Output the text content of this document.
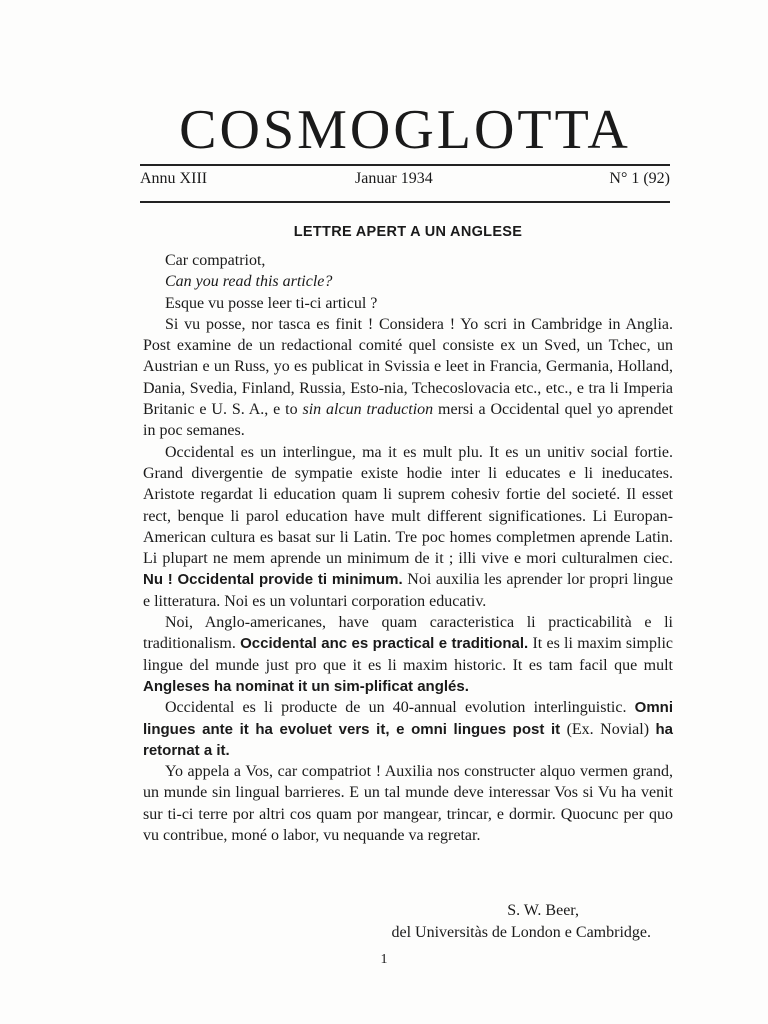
COSMOGLOTTA
Annu XIII	Januar 1934	N° 1 (92)
LETTRE APERT A UN ANGLESE

Car compatriot,

Can you read this article?

Esque vu posse leer ti-ci articul ?

Si vu posse, nor tasca es finit ! Considera ! Yo scri in Cambridge in Anglia. Post examine de un redactional comité quel consiste ex un Sved, un Tchec, un Austrian e un Russ, yo es publicat in Svissia e leet in Francia, Germania, Holland, Dania, Svedia, Finland, Russia, Esto-nia, Tchecoslovacia etc., etc., e tra li Imperia Britanic e U. S. A., e to sin alcun traduction mersi a Occidental quel yo aprendet in poc semanes.

Occidental es un interlingue, ma it es mult plu. It es un unitiv social fortie. Grand divergentie de sympatie existe hodie inter li educates e li ineducates. Aristote regardat li education quam li suprem cohesiv fortie del societé. Il esset rect, benque li parol education have mult different significationes. Li Europan-American cultura es basat sur li Latin. Tre poc homes completmen aprende Latin. Li plupart ne mem aprende un minimum de it ; illi vive e mori culturalmen ciec. Nu ! Occidental provide ti minimum. Noi auxilia les aprender lor propri lingue e litteratura. Noi es un voluntari corporation educativ.

Noi, Anglo-americanes, have quam caracteristica li practicabilità e li traditionalism. Occidental anc es practical e traditional. It es li maxim simplic lingue del munde just pro que it es li maxim historic. It es tam facil que mult Angleses ha nominat it un sim-plificat anglés.

Occidental es li producte de un 40-annual evolution interlinguistic. Omni lingues ante it ha evoluet vers it, e omni lingues post it (Ex. Novial) ha retornat a it.

Yo appela a Vos, car compatriot ! Auxilia nos constructer alquo vermen grand, un munde sin lingual barrieres. E un tal munde deve interessar Vos si Vu ha venit sur ti-ci terre por altri cos quam por mangear, trincar, e dormir. Quocunc per quo vu contribue, moné o labor, vu nequande va regretar.

S. W. Beer,
del Universitàs de London e Cambridge.
1
